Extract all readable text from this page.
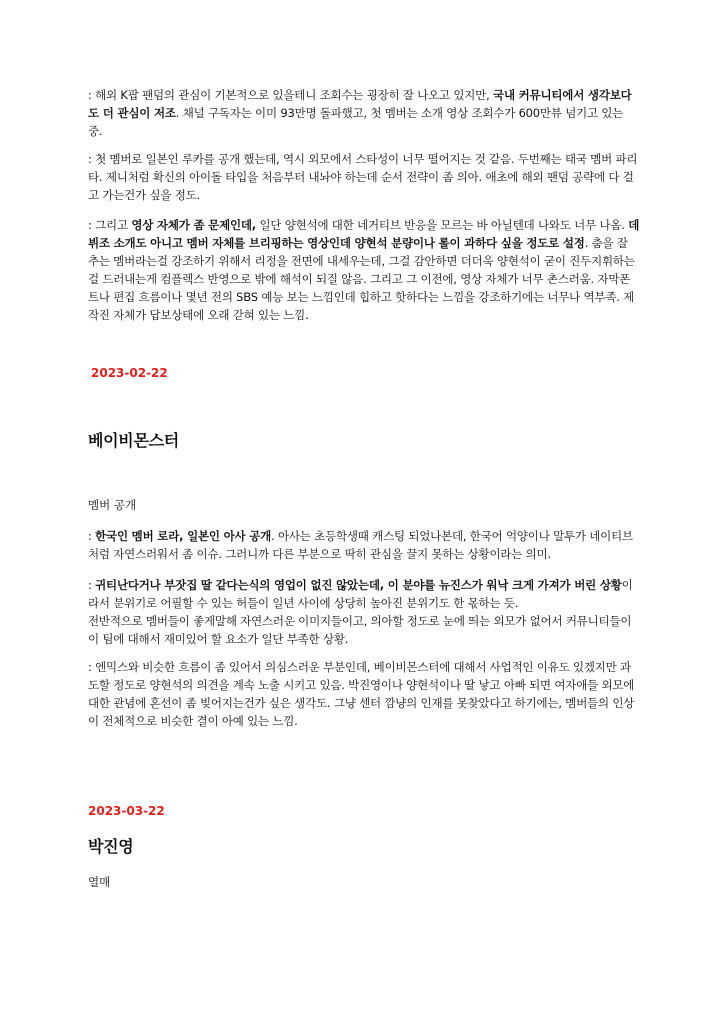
: 해외 K팝 팬덤의 관심이 기본적으로 있을테니 조회수는 굉장히 잘 나오고 있지만, 국내 커뮤니티에서 생각보다도 더 관심이 저조. 채널 구독자는 이미 93만명 돌파했고, 첫 멤버는 소개 영상 조회수가 600만뷰 넘기고 있는 중.

: 첫 멤버로 일본인 루카를 공개 했는데, 역시 외모에서 스타성이 너무 떨어지는 것 같음. 두번째는 태국 멤버 파리타. 제니처럼 확신의 아이돌 타입을 처음부터 내놔야 하는데 순서 전략이 좀 의아. 애초에 해외 팬덤 공략에 다 걸고 가는건가 싶을 정도.

: 그리고 영상 자체가 좀 문제인데, 일단 양현석에 대한 네거티브 반응을 모르는 바 아닐텐데 나와도 너무 나옴. 데뷔조 소개도 아니고 멤버 자체를 브리핑하는 영상인데 양현석 분량이나 롤이 과하다 싶을 정도로 설정. 춤을 잘 추는 멤버라는걸 강조하기 위해서 리정을 전면에 내세우는데, 그걸 감안하면 더더욱 양현석이 굳이 진두지휘하는걸 드러내는게 컴플렉스 반영으로 밖에 해석이 되질 않음. 그리고 그 이전에, 영상 자체가 너무 촌스러움. 자막폰트나 편집 흐름이나 몇년 전의 SBS 예능 보는 느낌인데 힙하고 핫하다는 느낌을 강조하기에는 너무나 역부족. 제작진 자체가 답보상태에 오래 갇혀 있는 느낌.

2023-02-22
베이비몬스터
멤버 공개

: 한국인 멤버 로라, 일본인 아사 공개. 아사는 초등학생때 캐스팅 되었나본데, 한국어 억양이나 말투가 네이티브처럼 자연스러워서 좀 이슈. 그러니까 다른 부분으로 딱히 관심을 끌지 못하는 상황이라는 의미.

: 귀티난다거나 부잣집 딸 같다는식의 영업이 없진 않았는데, 이 분야를 뉴진스가 워낙 크게 가져가 버린 상황이라서 분위기로 어필할 수 있는 허들이 일년 사이에 상당히 높아진 분위기도 한 몫하는 듯.
전반적으로 멤버들이 좋게말해 자연스러운 이미지들이고, 의아할 정도로 눈에 띄는 외모가 없어서 커뮤니티들이 이 팀에 대해서 재미있어 할 요소가 일단 부족한 상황.

: 엔믹스와 비슷한 흐름이 좀 있어서 의심스러운 부분인데, 베이비몬스터에 대해서 사업적인 이유도 있겠지만 과도할 정도로 양현석의 의견을 계속 노출 시키고 있음. 박진영이나 양현석이나 딸 낳고 아빠 되면 여자애들 외모에 대한 관념에 혼선이 좀 빚어지는건가 싶은 생각도. 그냥 센터 깜냥의 인재를 못찾았다고 하기에는, 멤버들의 인상이 전체적으로 비슷한 결이 아예 있는 느낌.

2023-03-22
박진영
열매
